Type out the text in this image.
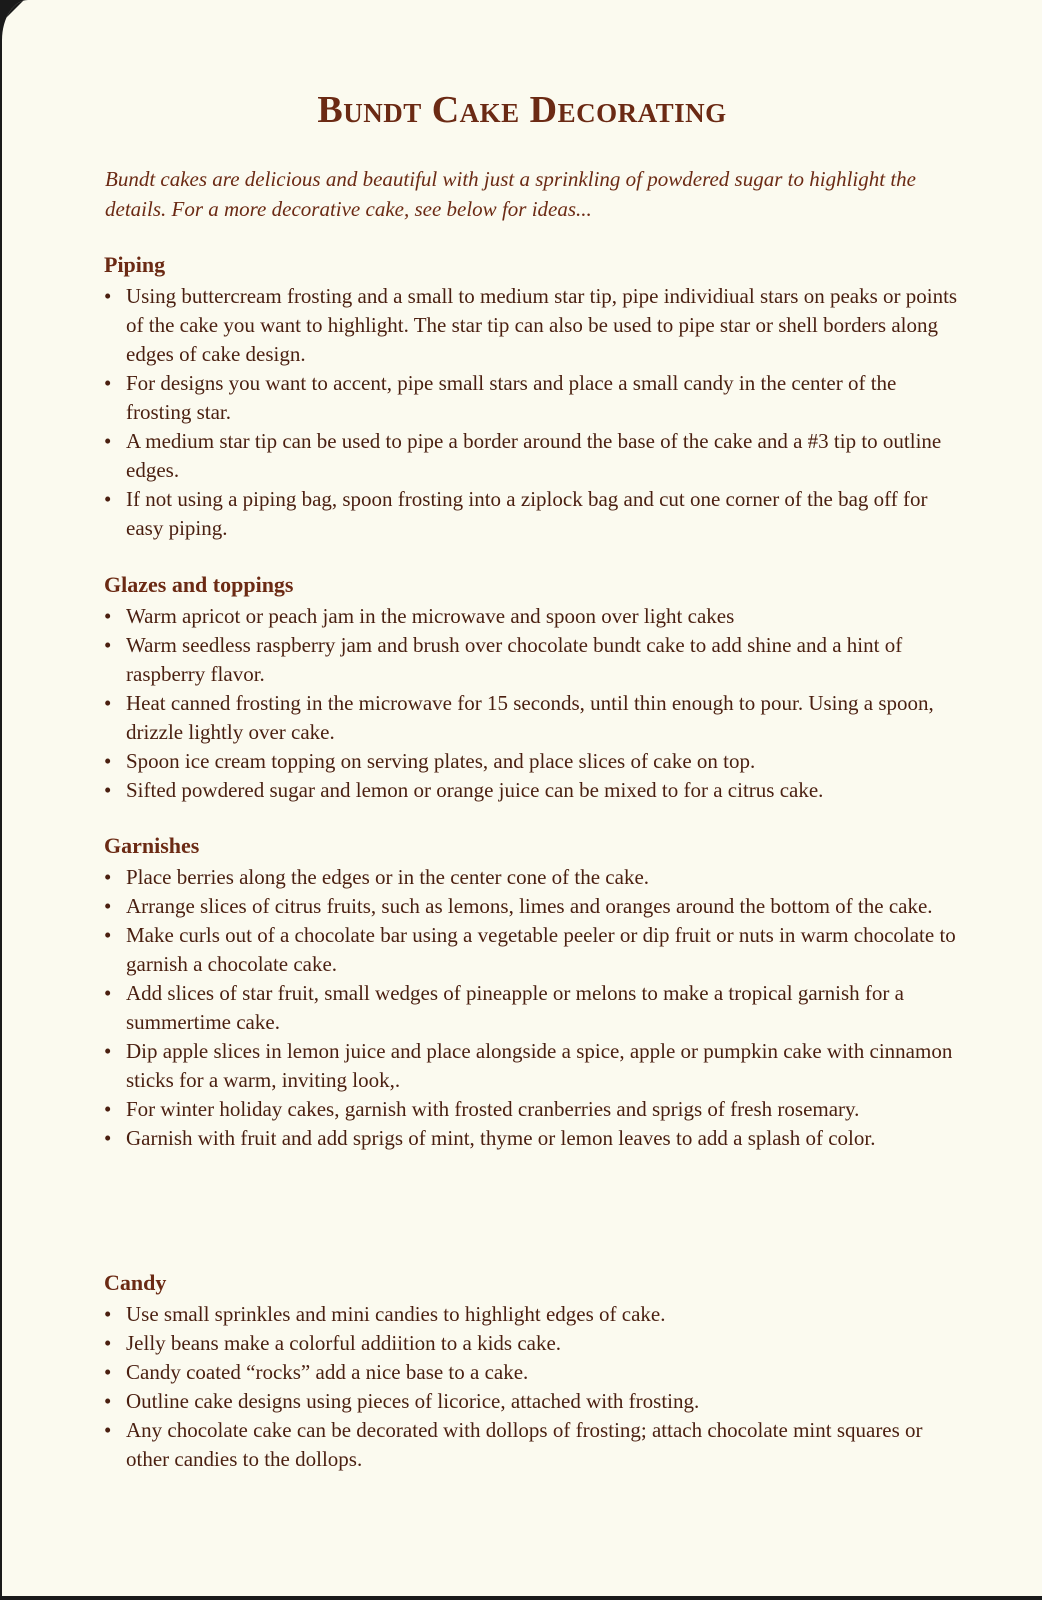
Bundt Cake Decorating

Bundt cakes are delicious and beautiful with just a sprinkling of powdered sugar to highlight the details. For a more decorative cake, see below for ideas...

Piping
• Using buttercream frosting and a small to medium star tip, pipe individiual stars on peaks or points of the cake you want to highlight. The star tip can also be used to pipe star or shell borders along edges of cake design.
• For designs you want to accent, pipe small stars and place a small candy in the center of the frosting star.
• A medium star tip can be used to pipe a border around the base of the cake and a #3 tip to outline edges.
• If not using a piping bag, spoon frosting into a ziplock bag and cut one corner of the bag off for easy piping.
Glazes and toppings
• Warm apricot or peach jam in the microwave and spoon over light cakes
• Warm seedless raspberry jam and brush over chocolate bundt cake to add shine and a hint of raspberry flavor.
• Heat canned frosting in the microwave for 15 seconds, until thin enough to pour. Using a spoon, drizzle lightly over cake.
• Spoon ice cream topping on serving plates, and place slices of cake on top.
• Sifted powdered sugar and lemon or orange juice can be mixed to for a citrus cake.
Garnishes
• Place berries along the edges or in the center cone of the cake.
• Arrange slices of citrus fruits, such as lemons, limes and oranges around the bottom of the cake.
• Make curls out of a chocolate bar using a vegetable peeler or dip fruit or nuts in warm chocolate to garnish a chocolate cake.
• Add slices of star fruit, small wedges of pineapple or melons to make a tropical garnish for a summertime cake.
• Dip apple slices in lemon juice and place alongside a spice, apple or pumpkin cake with cinnamon sticks for a warm, inviting look,.
• For winter holiday cakes, garnish with frosted cranberries and sprigs of fresh rosemary.
• Garnish with fruit and add sprigs of mint, thyme or lemon leaves to add a splash of color.
Candy
• Use small sprinkles and mini candies to highlight edges of cake.
• Jelly beans make a colorful addiition to a kids cake.
• Candy coated “rocks” add a nice base to a cake.
• Outline cake designs using pieces of licorice, attached with frosting.
• Any chocolate cake can be decorated with dollops of frosting; attach chocolate mint squares or other candies to the dollops.
